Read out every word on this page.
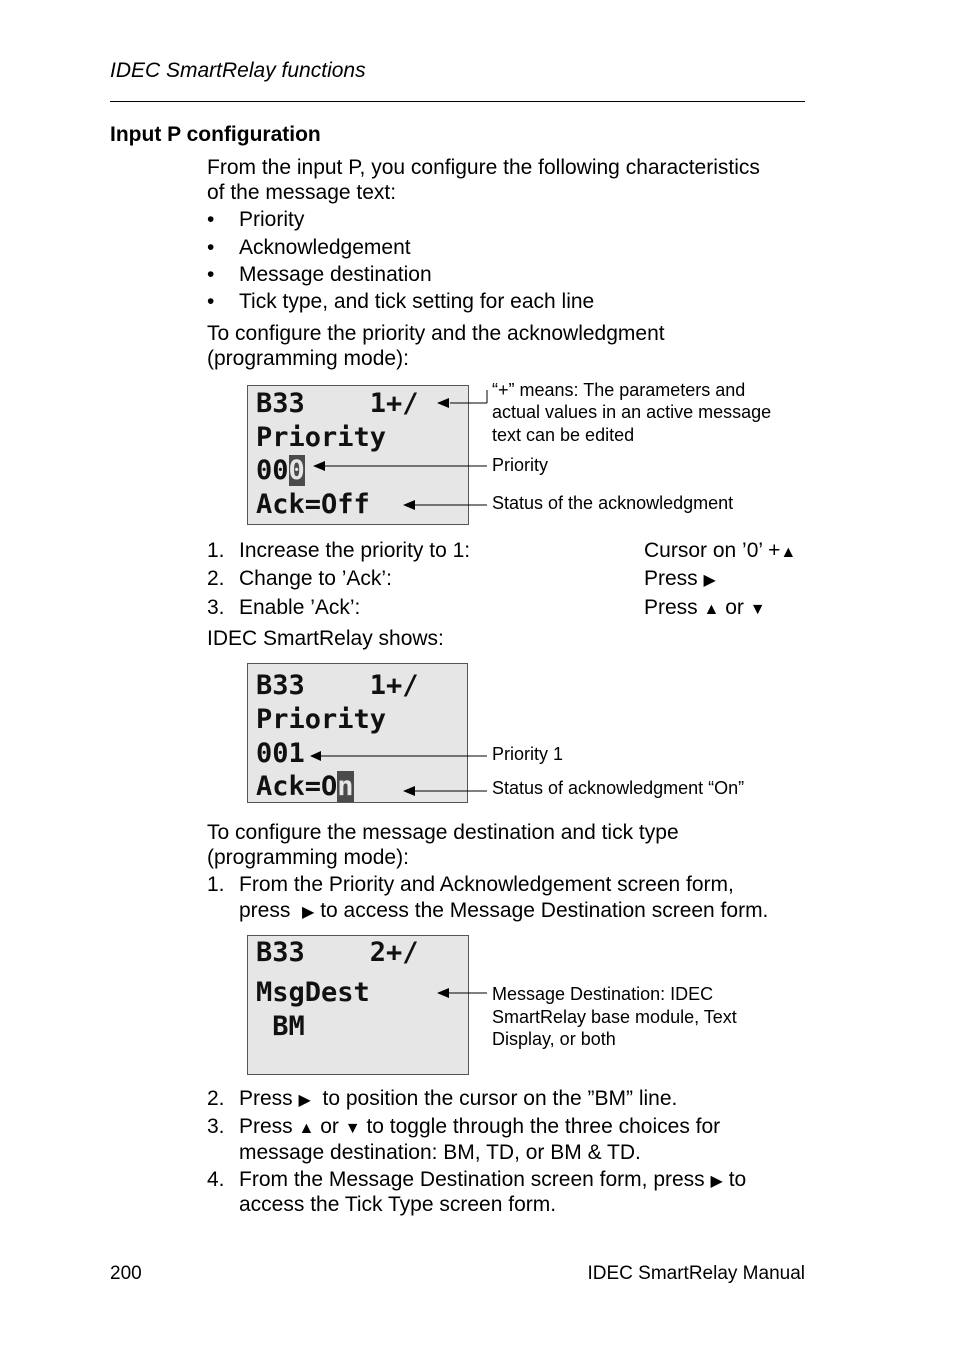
IDEC SmartRelay functions
Input P configuration
From the input P, you configure the following characteristics
of the message text:
• Priority
• Acknowledgement
• Message destination
• Tick type, and tick setting for each line
To configure the priority and the acknowledgment
(programming mode):
B33    1+/
Priority
000
Ack=Off
“+” means: The parameters and
actual values in an active message
text can be edited
Priority
Status of the acknowledgment
1. Increase the priority to 1:	Cursor on ’0’ +▲
2. Change to ’Ack’:	Press ▶
3. Enable ’Ack’:	Press ▲ or ▼
IDEC SmartRelay shows:
B33    1+/
Priority
001
Ack=On
Priority 1
Status of acknowledgment “On”
To configure the message destination and tick type
(programming mode):
1. From the Priority and Acknowledgement screen form,
press ▶ to access the Message Destination screen form.
B33    2+/
MsgDest
BM
Message Destination: IDEC
SmartRelay base module, Text
Display, or both
2. Press ▶ to position the cursor on the ”BM” line.
3. Press ▲ or ▼ to toggle through the three choices for
message destination: BM, TD, or BM & TD.
4. From the Message Destination screen form, press ▶ to
access the Tick Type screen form.
200	IDEC SmartRelay Manual
